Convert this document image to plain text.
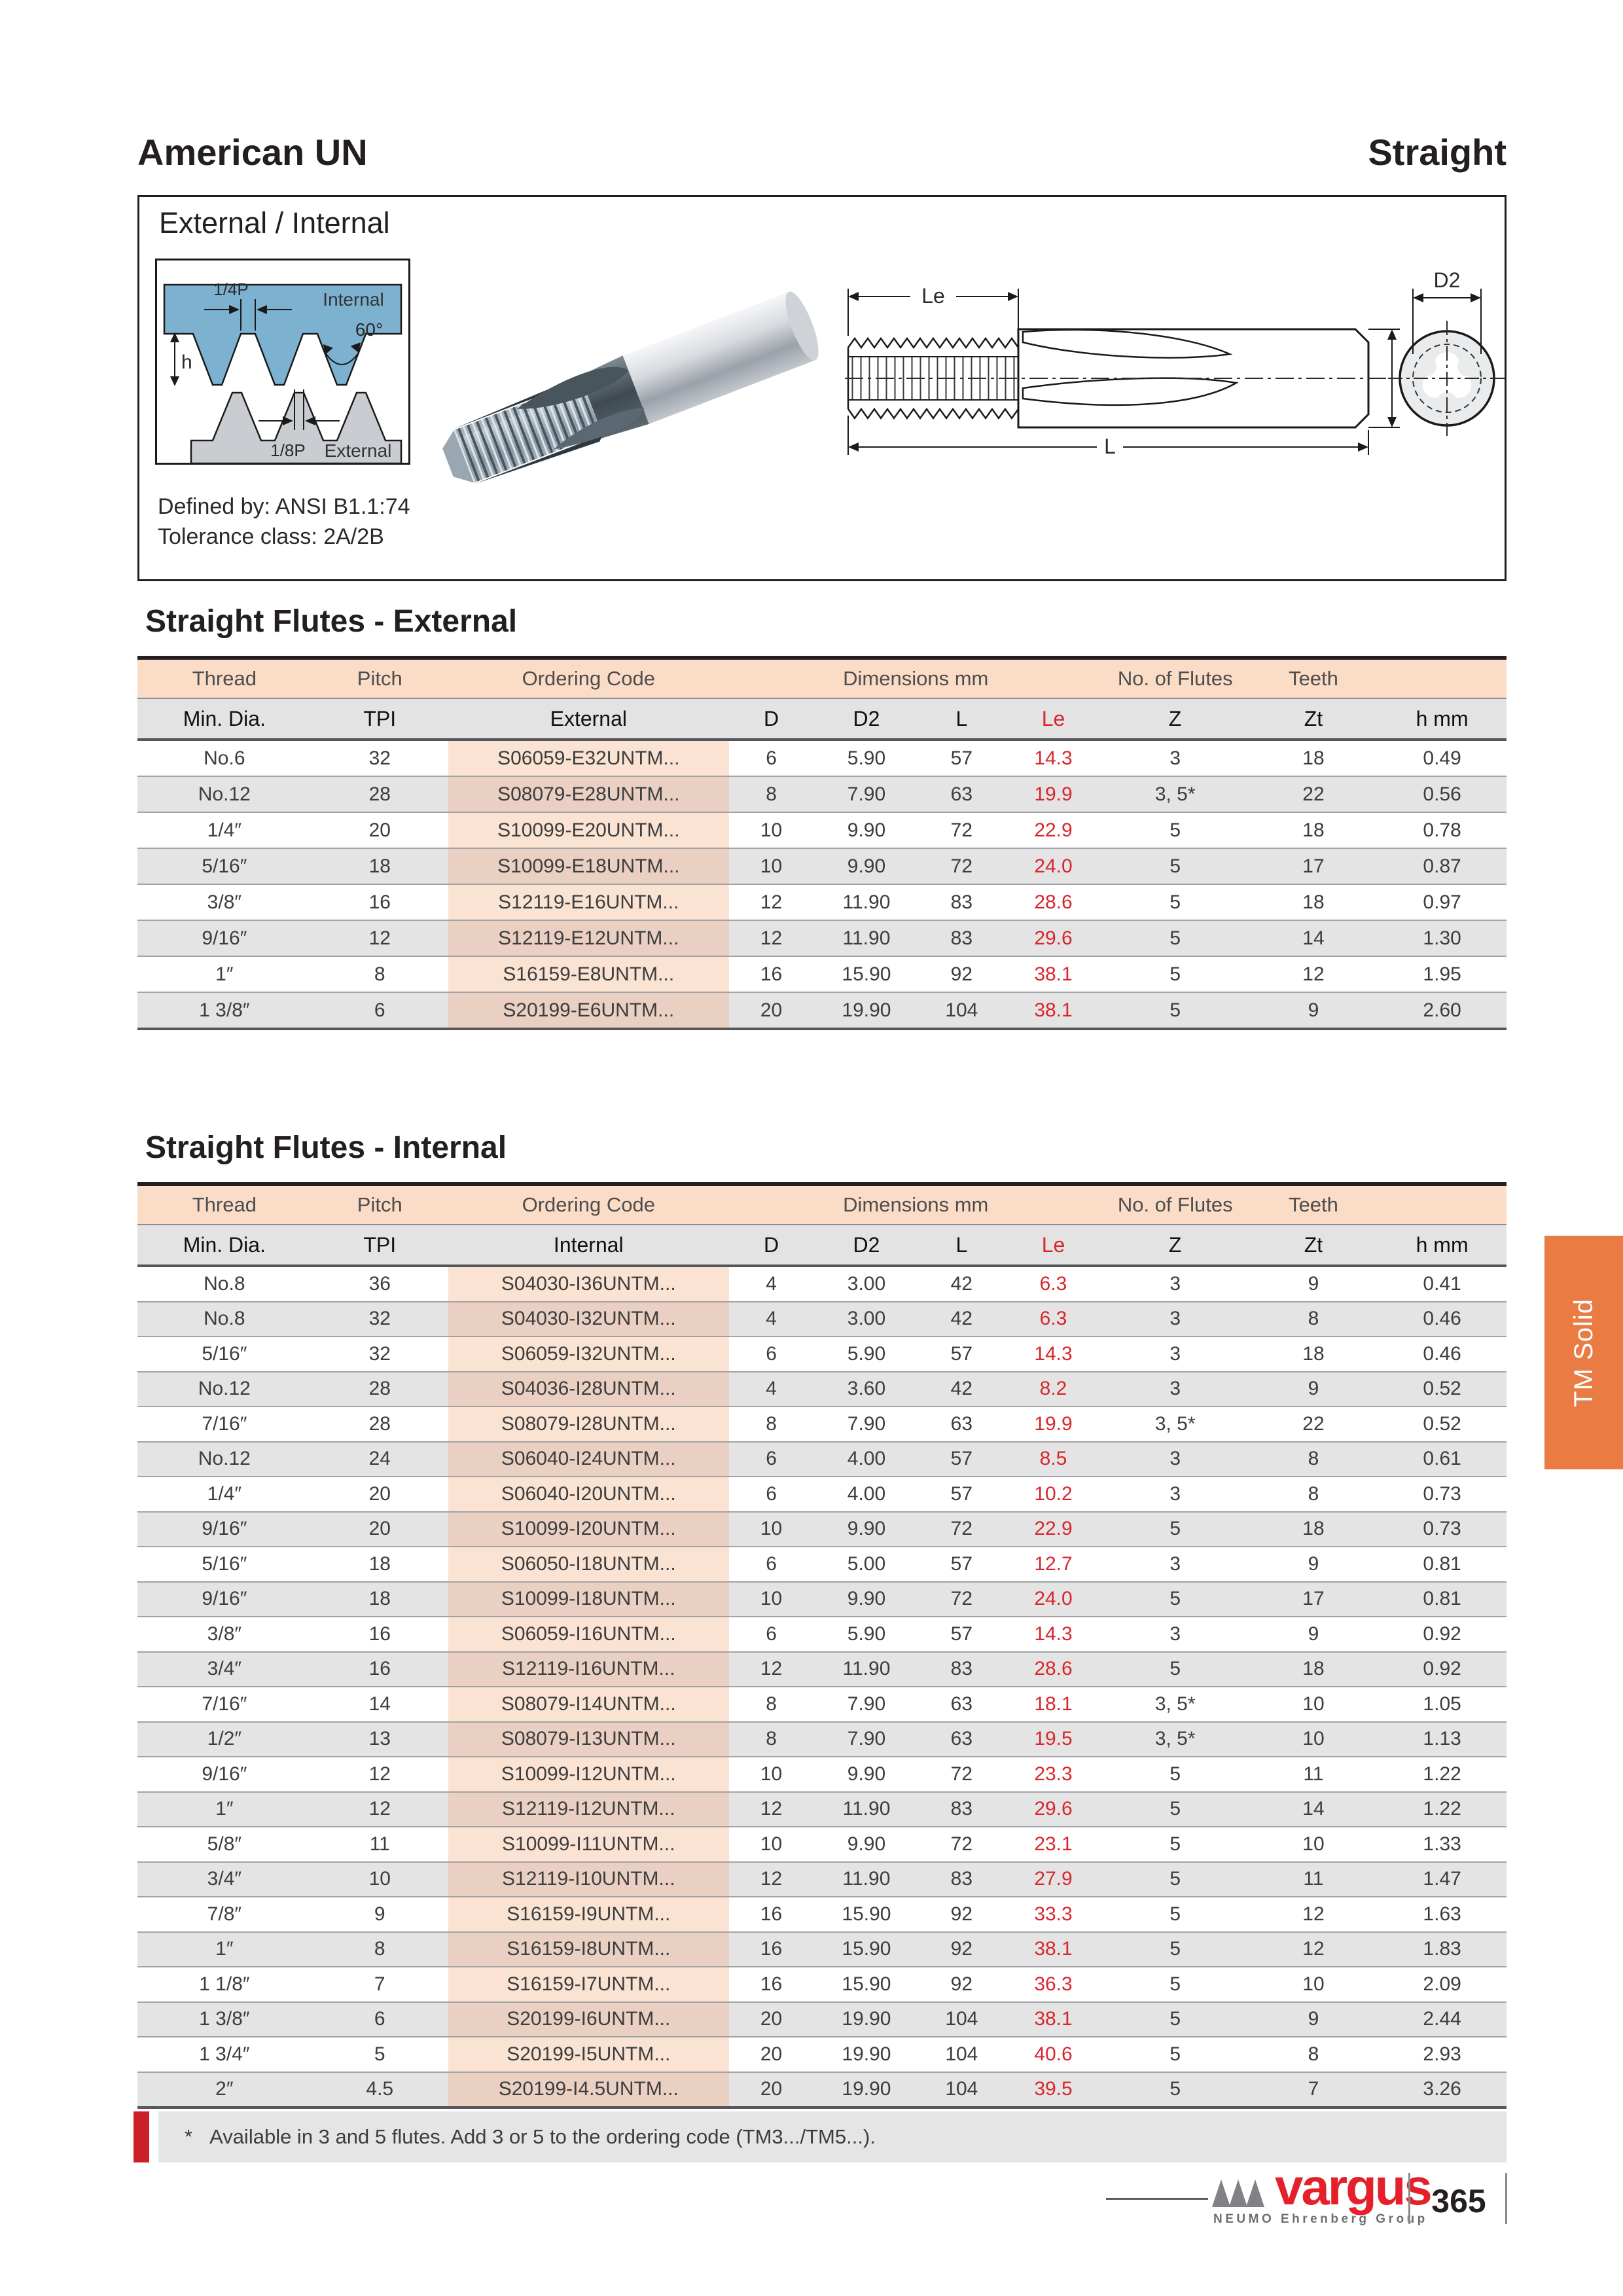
American UN	Straight
External / Internal
1/4P	Internal
60°
h
1/8P External
Defined by: ANSI B1.1:74
Tolerance class: 2A/2B
Le
L
D2
Straight Flutes - External
Thread	Pitch	Ordering Code	Dimensions mm	No. of Flutes	Teeth
Min. Dia.	TPI	External	D	D2	L	Le	Z	Zt	h mm
No.6	32	S06059-E32UNTM...	6	5.90	57	14.3	3	18	0.49
No.12	28	S08079-E28UNTM...	8	7.90	63	19.9	3, 5*	22	0.56
1/4″	20	S10099-E20UNTM...	10	9.90	72	22.9	5	18	0.78
5/16″	18	S10099-E18UNTM...	10	9.90	72	24.0	5	17	0.87
3/8″	16	S12119-E16UNTM...	12	11.90	83	28.6	5	18	0.97
9/16″	12	S12119-E12UNTM...	12	11.90	83	29.6	5	14	1.30
1″	8	S16159-E8UNTM...	16	15.90	92	38.1	5	12	1.95
1 3/8″	6	S20199-E6UNTM...	20	19.90	104	38.1	5	9	2.60
Straight Flutes - Internal
Thread	Pitch	Ordering Code	Dimensions mm	No. of Flutes	Teeth
Min. Dia.	TPI	Internal	D	D2	L	Le	Z	Zt	h mm
No.8	36	S04030-I36UNTM...	4	3.00	42	6.3	3	9	0.41
No.8	32	S04030-I32UNTM...	4	3.00	42	6.3	3	8	0.46
5/16″	32	S06059-I32UNTM...	6	5.90	57	14.3	3	18	0.46
No.12	28	S04036-I28UNTM...	4	3.60	42	8.2	3	9	0.52
7/16″	28	S08079-I28UNTM...	8	7.90	63	19.9	3, 5*	22	0.52
No.12	24	S06040-I24UNTM...	6	4.00	57	8.5	3	8	0.61
1/4″	20	S06040-I20UNTM...	6	4.00	57	10.2	3	8	0.73
9/16″	20	S10099-I20UNTM...	10	9.90	72	22.9	5	18	0.73
5/16″	18	S06050-I18UNTM...	6	5.00	57	12.7	3	9	0.81
9/16″	18	S10099-I18UNTM...	10	9.90	72	24.0	5	17	0.81
3/8″	16	S06059-I16UNTM...	6	5.90	57	14.3	3	9	0.92
3/4″	16	S12119-I16UNTM...	12	11.90	83	28.6	5	18	0.92
7/16″	14	S08079-I14UNTM...	8	7.90	63	18.1	3, 5*	10	1.05
1/2″	13	S08079-I13UNTM...	8	7.90	63	19.5	3, 5*	10	1.13
9/16″	12	S10099-I12UNTM...	10	9.90	72	23.3	5	11	1.22
1″	12	S12119-I12UNTM...	12	11.90	83	29.6	5	14	1.22
5/8″	11	S10099-I11UNTM...	10	9.90	72	23.1	5	10	1.33
3/4″	10	S12119-I10UNTM...	12	11.90	83	27.9	5	11	1.47
7/8″	9	S16159-I9UNTM...	16	15.90	92	33.3	5	12	1.63
1″	8	S16159-I8UNTM...	16	15.90	92	38.1	5	12	1.83
1 1/8″	7	S16159-I7UNTM...	16	15.90	92	36.3	5	10	2.09
1 3/8″	6	S20199-I6UNTM...	20	19.90	104	38.1	5	9	2.44
1 3/4″	5	S20199-I5UNTM...	20	19.90	104	40.6	5	8	2.93
2″	4.5	S20199-I4.5UNTM...	20	19.90	104	39.5	5	7	3.26
* Available in 3 and 5 flutes. Add 3 or 5 to the ordering code (TM3.../TM5...).
TM Solid
vargus
NEUMO Ehrenberg Group 365
